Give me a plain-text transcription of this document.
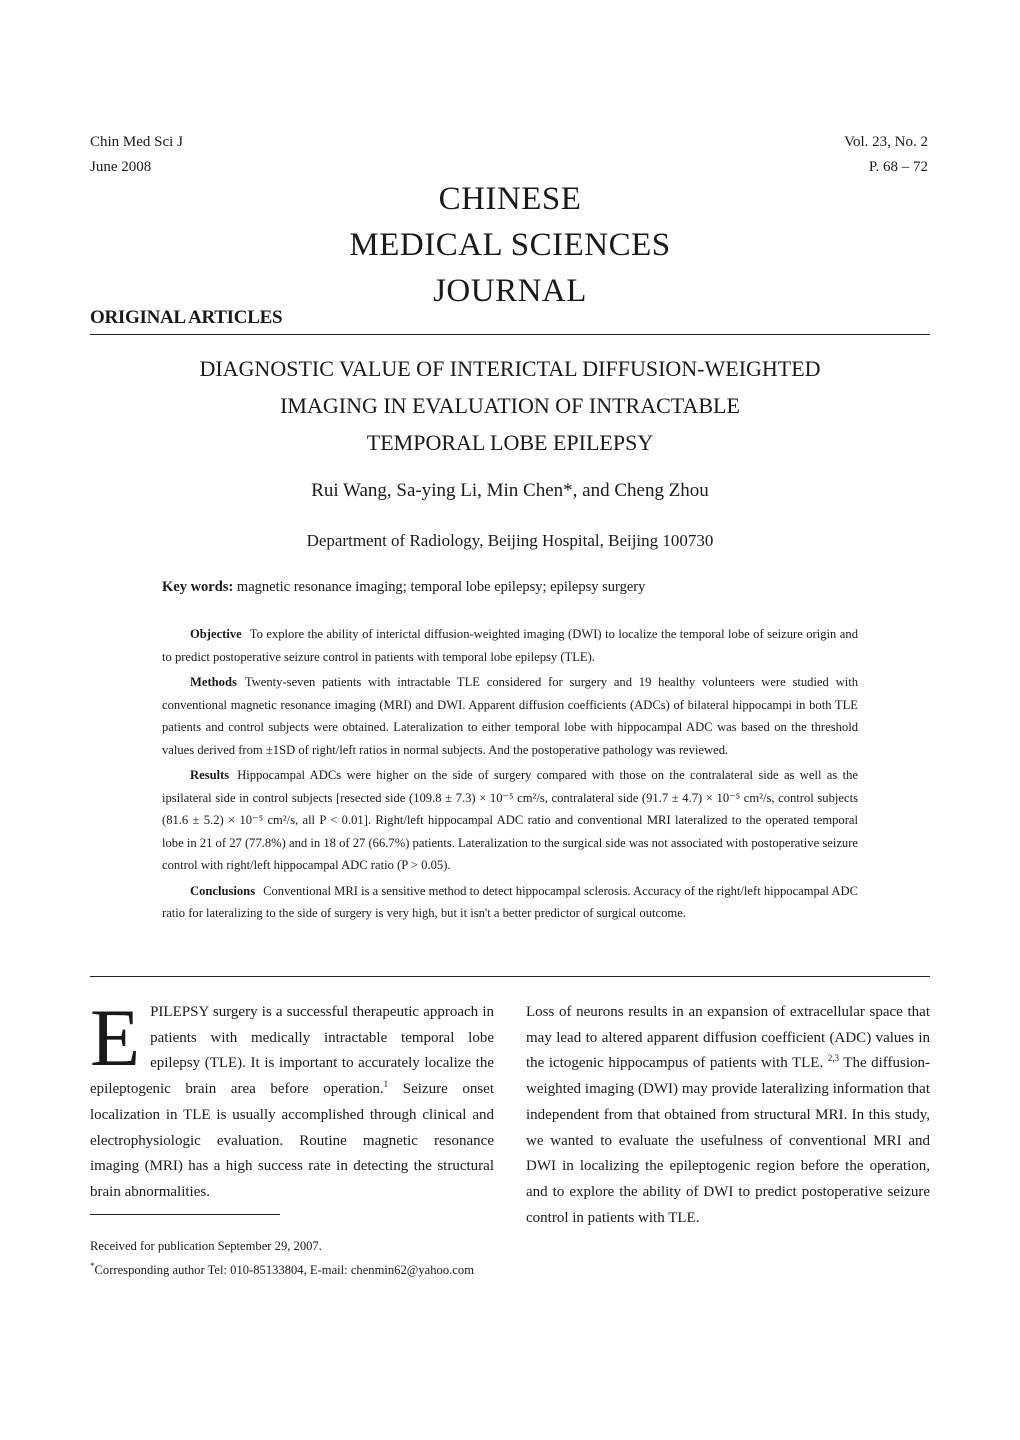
Chin Med Sci J
June 2008
Vol. 23, No. 2
P. 68 – 72
CHINESE
MEDICAL SCIENCES
JOURNAL
ORIGINAL ARTICLES
DIAGNOSTIC VALUE OF INTERICTAL DIFFUSION-WEIGHTED
IMAGING IN EVALUATION OF INTRACTABLE
TEMPORAL LOBE EPILEPSY
Rui Wang, Sa-ying Li, Min Chen*, and Cheng Zhou
Department of Radiology, Beijing Hospital, Beijing 100730
Key words: magnetic resonance imaging; temporal lobe epilepsy; epilepsy surgery

Objective To explore the ability of interictal diffusion-weighted imaging (DWI) to localize the temporal lobe of seizure origin and to predict postoperative seizure control in patients with temporal lobe epilepsy (TLE).

Methods Twenty-seven patients with intractable TLE considered for surgery and 19 healthy volunteers were studied with conventional magnetic resonance imaging (MRI) and DWI. Apparent diffusion coefficients (ADCs) of bilateral hippocampi in both TLE patients and control subjects were obtained. Lateralization to either temporal lobe with hippocampal ADC was based on the threshold values derived from ±1SD of right/left ratios in normal subjects. And the postoperative pathology was reviewed.

Results Hippocampal ADCs were higher on the side of surgery compared with those on the contralateral side as well as the ipsilateral side in control subjects [resected side (109.8 ± 7.3) × 10⁻⁵ cm²/s, contralateral side (91.7 ± 4.7) × 10⁻⁵ cm²/s, control subjects (81.6 ± 5.2) × 10⁻⁵ cm²/s, all P < 0.01]. Right/left hippocampal ADC ratio and conventional MRI lateralized to the operated temporal lobe in 21 of 27 (77.8%) and in 18 of 27 (66.7%) patients. Lateralization to the surgical side was not associated with postoperative seizure control with right/left hippocampal ADC ratio (P > 0.05).

Conclusions Conventional MRI is a sensitive method to detect hippocampal sclerosis. Accuracy of the right/left hippocampal ADC ratio for lateralizing to the side of surgery is very high, but it isn't a better predictor of surgical outcome.

EPILEPSY surgery is a successful therapeutic approach in patients with medically intractable temporal lobe epilepsy (TLE). It is important to accurately localize the epileptogenic brain area before operation.$^1$ Seizure onset localization in TLE is usually accomplished through clinical and electrophysiologic evaluation. Routine magnetic resonance imaging (MRI) has a high success rate in detecting the structural brain abnormalities.

Loss of neurons results in an expansion of extracellular space that may lead to altered apparent diffusion coefficient (ADC) values in the ictogenic hippocampus of patients with TLE. $^{2,3}$ The diffusion-weighted imaging (DWI) may provide lateralizing information that independent from that obtained from structural MRI. In this study, we wanted to evaluate the usefulness of conventional MRI and DWI in localizing the epileptogenic region before the operation, and to explore the ability of DWI to predict postoperative seizure control in patients with TLE.

Received for publication September 29, 2007.

*Corresponding author Tel: 010-85133804, E-mail: chenmin62@yahoo.com
